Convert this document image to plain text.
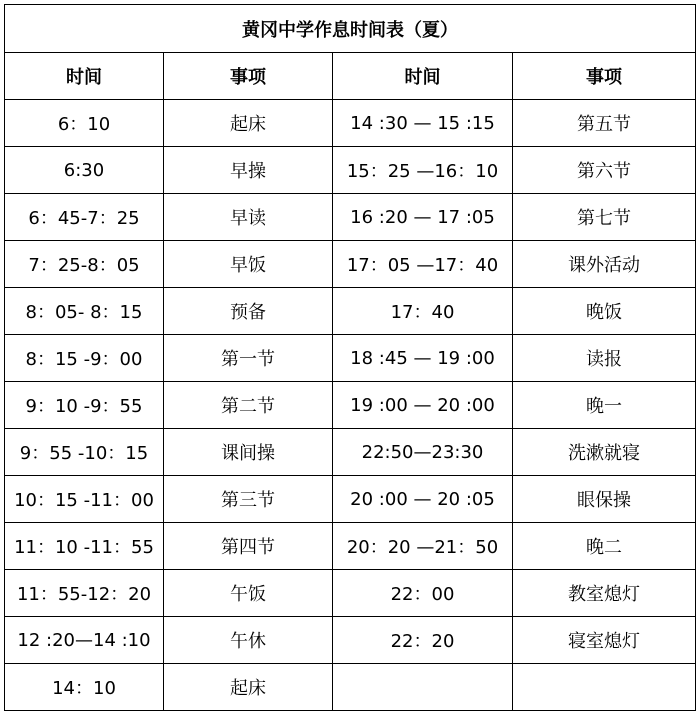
黄冈中学作息时间表（夏）			
时间	事项	时间	事项
6：10	起床	14 :30 — 15 :15	第五节
6:30	早操	15：25 —16：10	第六节
6：45-7：25	早读	16 :20 — 17 :05	第七节
7：25-8：05	早饭	17：05 —17：40	课外活动
8：05- 8：15	预备	17：40	晚饭
8：15 -9：00	第一节	18 :45 — 19 :00	读报
9：10 -9：55	第二节	19 :00 — 20 :00	晚一
9：55 -10：15	课间操	22:50—23:30	洗漱就寝
10：15 -11：00	第三节	20 :00 — 20 :05	眼保操
11：10 -11：55	第四节	20：20 —21：50	晚二
11：55-12：20	午饭	22：00	教室熄灯
12 :20—14 :10	午休	22：20	寝室熄灯
14：10	起床		
